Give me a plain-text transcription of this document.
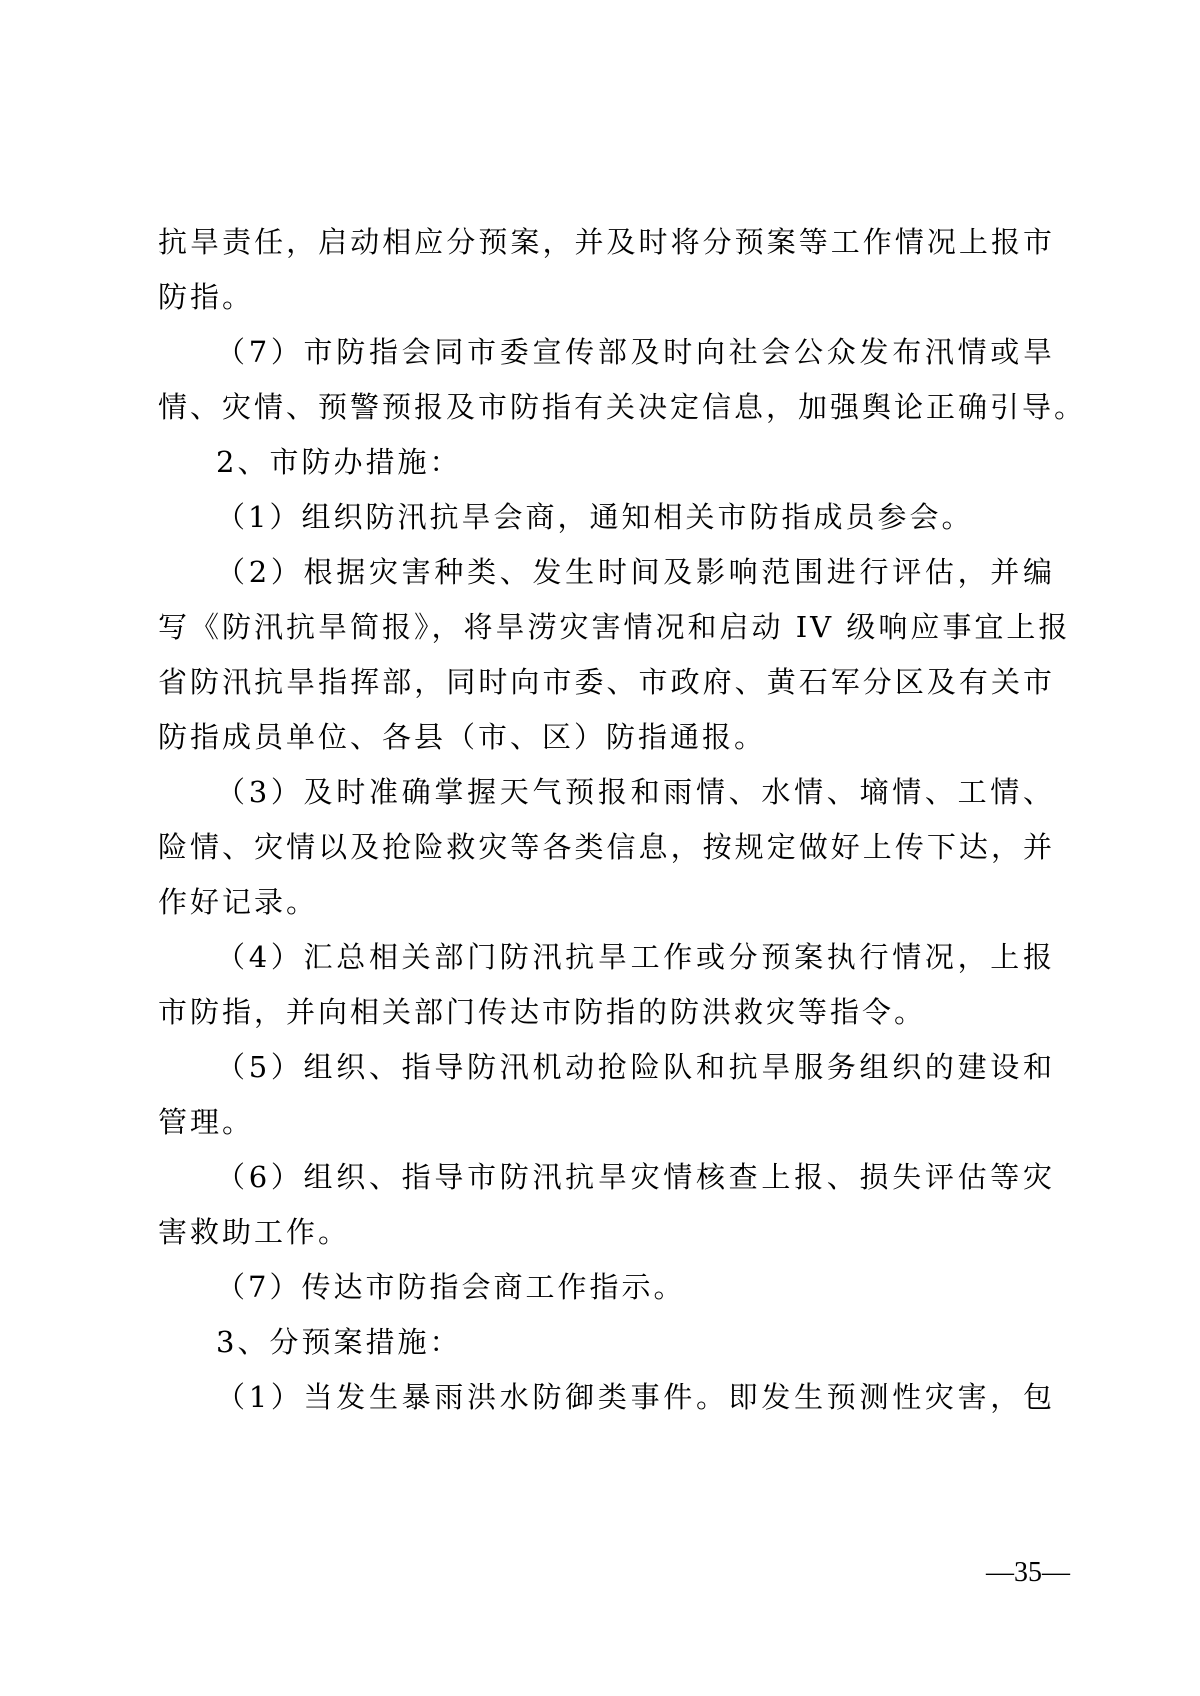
抗旱责任，启动相应分预案，并及时将分预案等工作情况上报市
防指。
（7）市防指会同市委宣传部及时向社会公众发布汛情或旱
情、灾情、预警预报及市防指有关决定信息，加强舆论正确引导。
2、市防办措施：
（1）组织防汛抗旱会商，通知相关市防指成员参会。
（2）根据灾害种类、发生时间及影响范围进行评估，并编
写《防汛抗旱简报》，将旱涝灾害情况和启动 IV 级响应事宜上报
省防汛抗旱指挥部，同时向市委、市政府、黄石军分区及有关市
防指成员单位、各县（市、区）防指通报。
（3）及时准确掌握天气预报和雨情、水情、墒情、工情、
险情、灾情以及抢险救灾等各类信息，按规定做好上传下达，并
作好记录。
（4）汇总相关部门防汛抗旱工作或分预案执行情况，上报
市防指，并向相关部门传达市防指的防洪救灾等指令。
（5）组织、指导防汛机动抢险队和抗旱服务组织的建设和
管理。
（6）组织、指导市防汛抗旱灾情核查上报、损失评估等灾
害救助工作。
（7）传达市防指会商工作指示。
3、分预案措施：
（1）当发生暴雨洪水防御类事件。即发生预测性灾害，包
—35—
